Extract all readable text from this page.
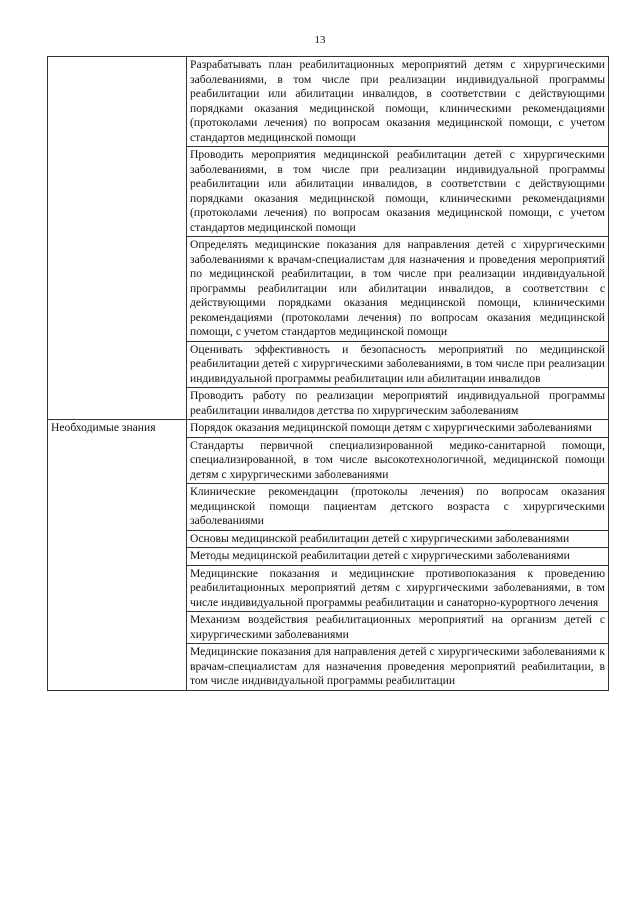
13
	Разрабатывать план реабилитационных мероприятий детям с хирургическими заболеваниями, в том числе при реализации индивидуальной программы реабилитации или абилитации инвалидов, в соответствии с действующими порядками оказания медицинской помощи, клиническими рекомендациями (протоколами лечения) по вопросам оказания медицинской помощи, с учетом стандартов медицинской помощи
	Проводить мероприятия медицинской реабилитации детей с хирургическими заболеваниями, в том числе при реализации индивидуальной программы реабилитации или абилитации инвалидов, в соответствии с действующими порядками оказания медицинской помощи, клиническими рекомендациями (протоколами лечения) по вопросам оказания медицинской помощи, с учетом стандартов медицинской помощи
	Определять медицинские показания для направления детей с хирургическими заболеваниями к врачам-специалистам для назначения и проведения мероприятий по медицинской реабилитации, в том числе при реализации индивидуальной программы реабилитации или абилитации инвалидов, в соответствии с действующими порядками оказания медицинской помощи, клиническими рекомендациями (протоколами лечения) по вопросам оказания медицинской помощи, с учетом стандартов медицинской помощи
	Оценивать эффективность и безопасность мероприятий по медицинской реабилитации детей с хирургическими заболеваниями, в том числе при реализации индивидуальной программы реабилитации или абилитации инвалидов
	Проводить работу по реализации мероприятий индивидуальной программы реабилитации инвалидов детства по хирургическим заболеваниям
Необходимые знания	Порядок оказания медицинской помощи детям с хирургическими заболеваниями
	Стандарты первичной специализированной медико-санитарной помощи, специализированной, в том числе высокотехнологичной, медицинской помощи детям с хирургическими заболеваниями
	Клинические рекомендации (протоколы лечения) по вопросам оказания медицинской помощи пациентам детского возраста с хирургическими заболеваниями
	Основы медицинской реабилитации детей с хирургическими заболеваниями
	Методы медицинской реабилитации детей с хирургическими заболеваниями
	Медицинские показания и медицинские противопоказания к проведению реабилитационных мероприятий детям с хирургическими заболеваниями, в том числе индивидуальной программы реабилитации и санаторно-курортного лечения
	Механизм воздействия реабилитационных мероприятий на организм детей с хирургическими заболеваниями
	Медицинские показания для направления детей с хирургическими заболеваниями к врачам-специалистам для назначения проведения мероприятий реабилитации, в том числе индивидуальной программы реабилитации
